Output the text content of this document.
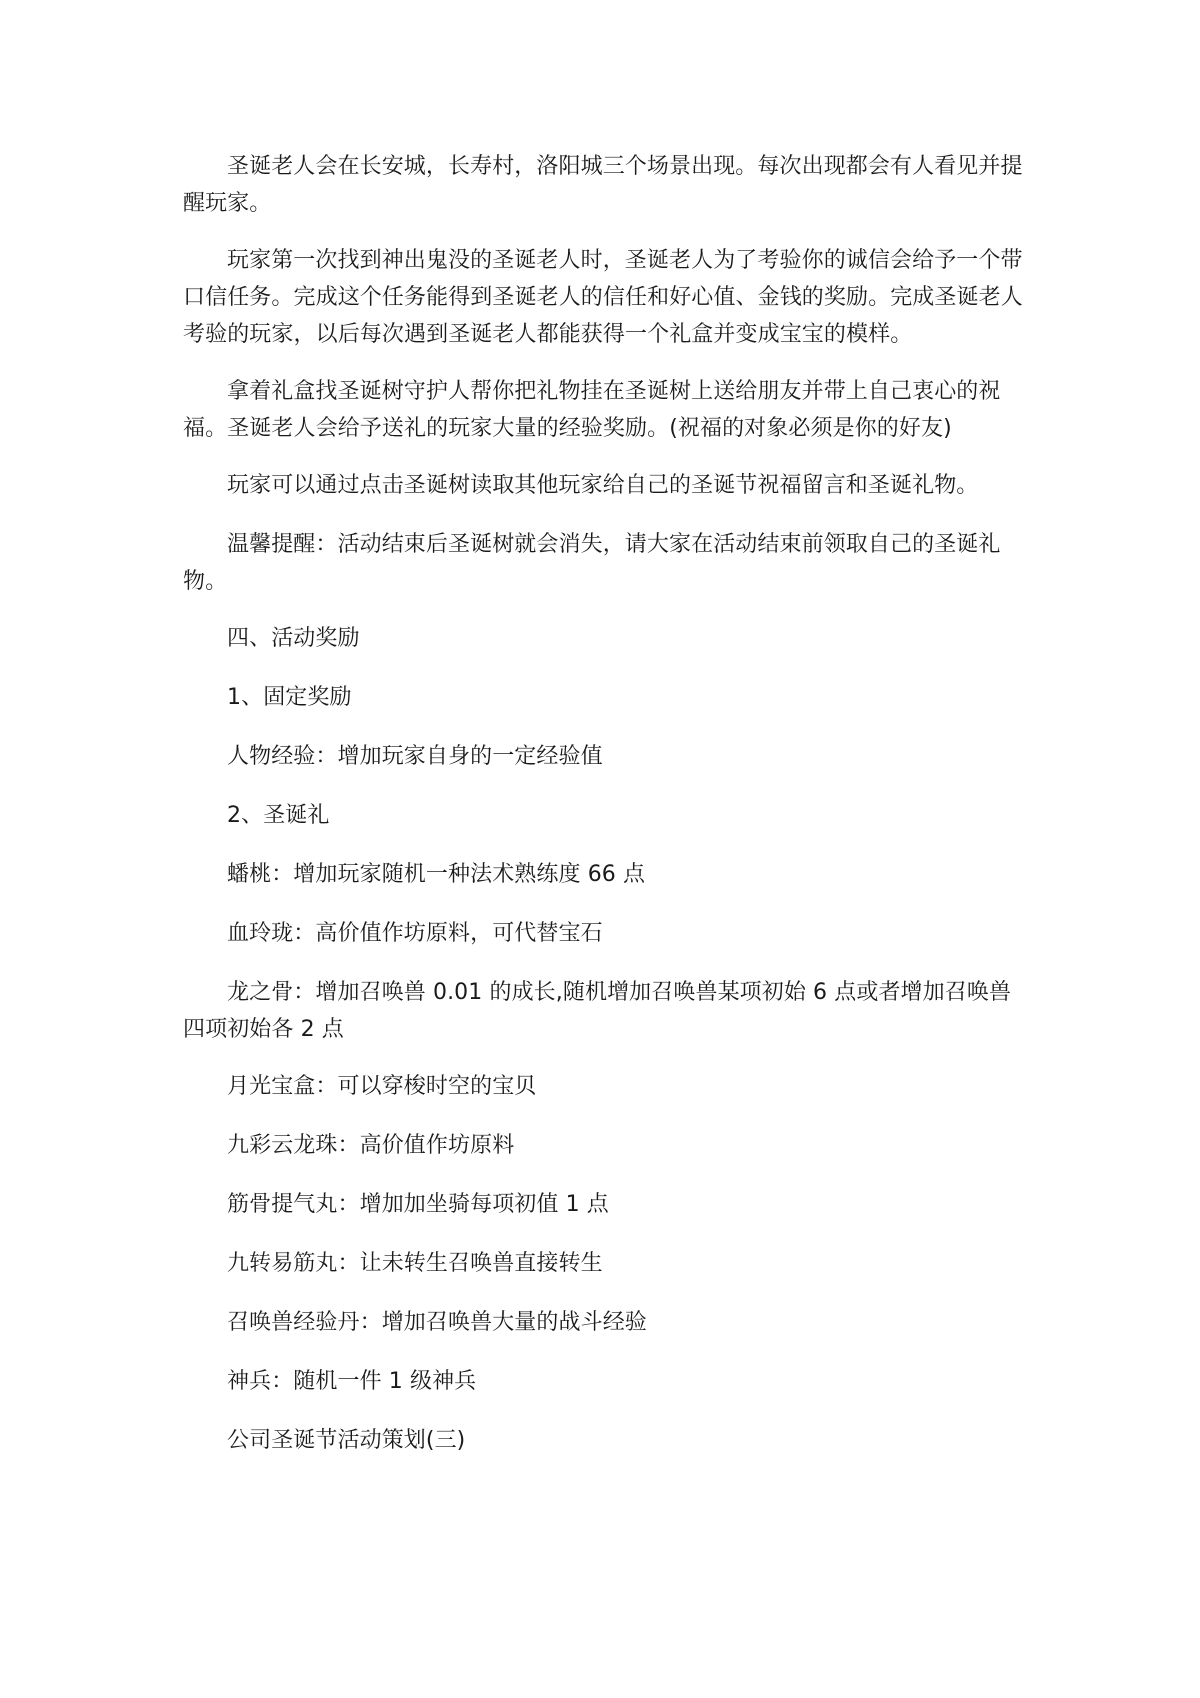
圣诞老人会在长安城，长寿村，洛阳城三个场景出现。每次出现都会有人看见并提醒玩家。

玩家第一次找到神出鬼没的圣诞老人时，圣诞老人为了考验你的诚信会给予一个带口信任务。完成这个任务能得到圣诞老人的信任和好心值、金钱的奖励。完成圣诞老人考验的玩家，以后每次遇到圣诞老人都能获得一个礼盒并变成宝宝的模样。

拿着礼盒找圣诞树守护人帮你把礼物挂在圣诞树上送给朋友并带上自己衷心的祝福。圣诞老人会给予送礼的玩家大量的经验奖励。(祝福的对象必须是你的好友)

玩家可以通过点击圣诞树读取其他玩家给自己的圣诞节祝福留言和圣诞礼物。

温馨提醒：活动结束后圣诞树就会消失，请大家在活动结束前领取自己的圣诞礼物。

四、活动奖励

1、固定奖励

人物经验：增加玩家自身的一定经验值

2、圣诞礼

蟠桃：增加玩家随机一种法术熟练度 66 点

血玲珑：高价值作坊原料，可代替宝石

龙之骨：增加召唤兽 0.01 的成长,随机增加召唤兽某项初始 6 点或者增加召唤兽四项初始各 2 点

月光宝盒：可以穿梭时空的宝贝

九彩云龙珠：高价值作坊原料

筋骨提气丸：增加加坐骑每项初值 1 点

九转易筋丸：让未转生召唤兽直接转生

召唤兽经验丹：增加召唤兽大量的战斗经验

神兵：随机一件 1 级神兵

公司圣诞节活动策划(三)
